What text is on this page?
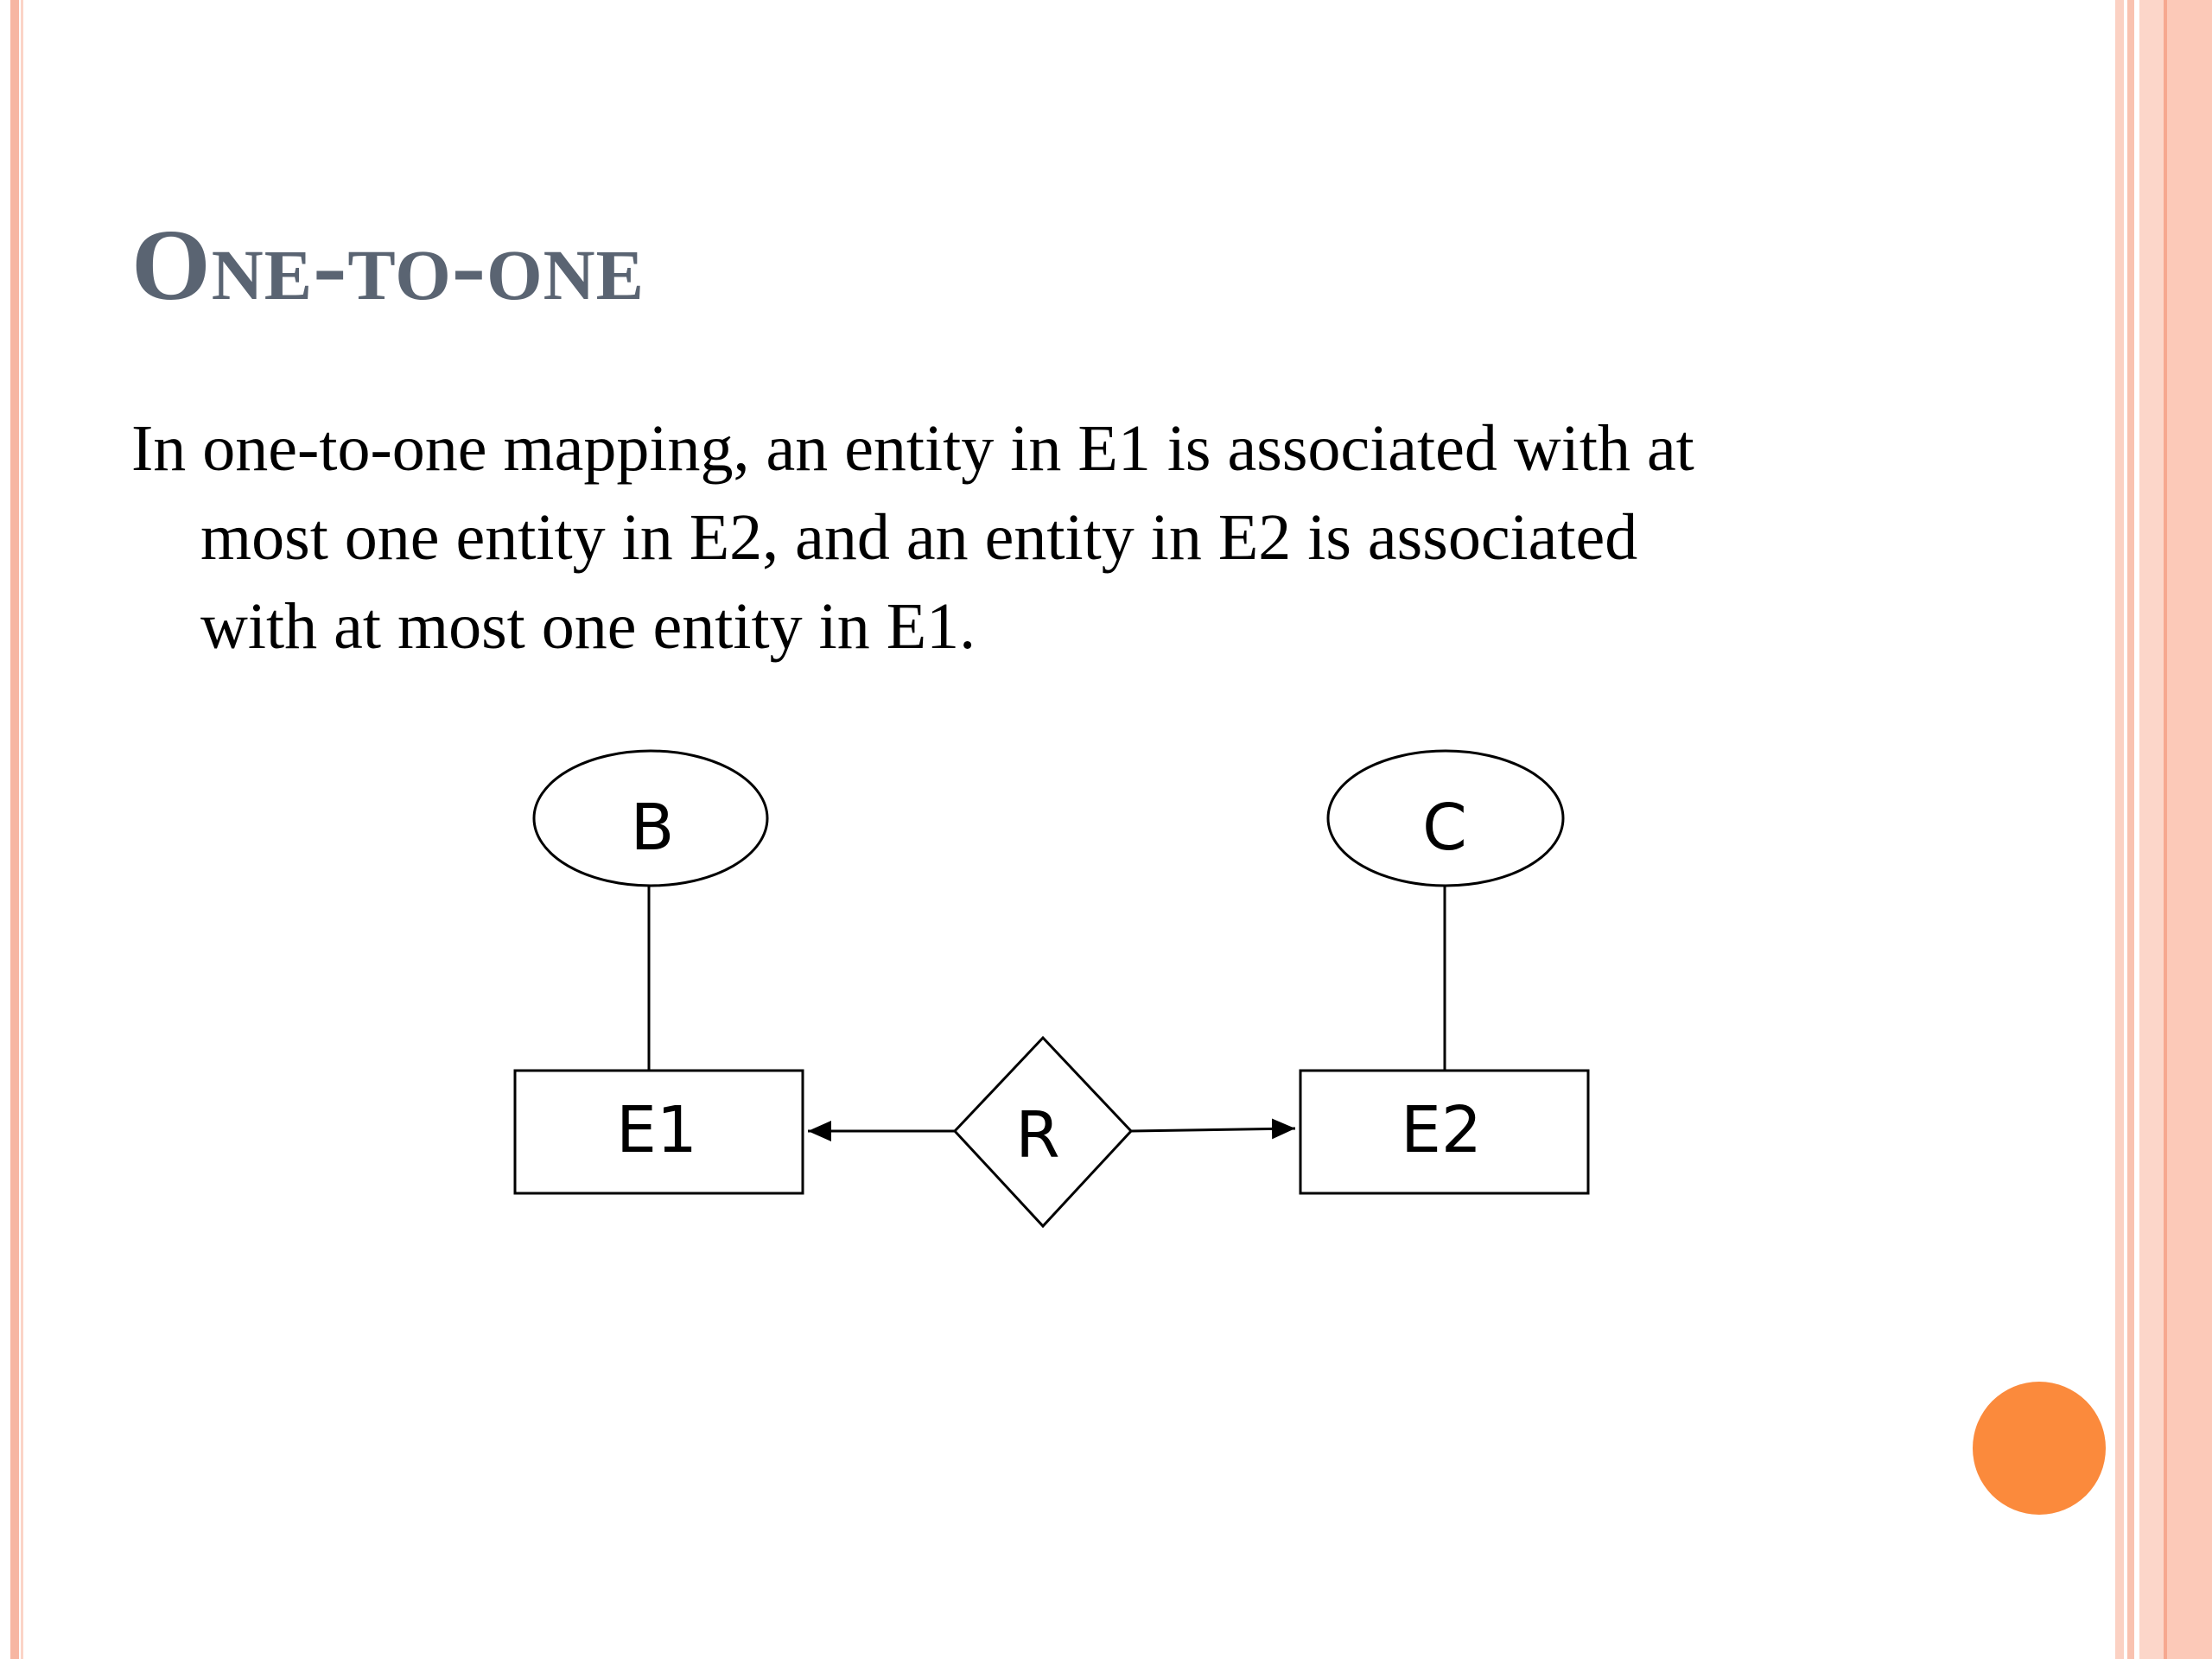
One-to-one
In one-to-one mapping, an entity in E1 is associated with at
most one entity in E2, and an entity in E2 is associated
with at most one entity in E1.
B	C
E1	E2
R
